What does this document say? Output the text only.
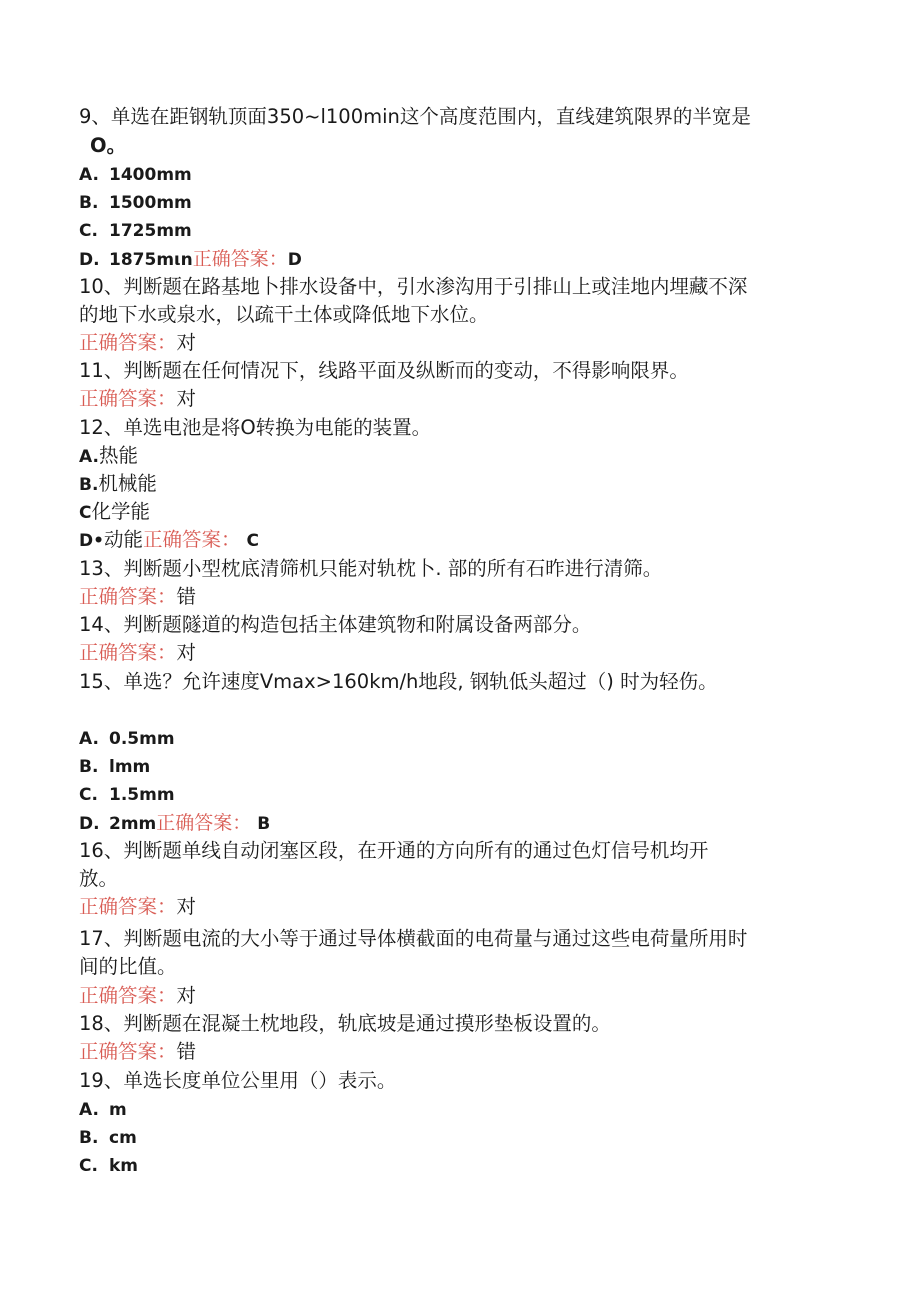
9、单选在距钢轨顶面350~l100min这个高度范围内，直线建筑限界的半宽是
O。
A. 1400mm
B. 1500mm
C. 1725mm
D. 1875mιn正确答案：D
10、判断题在路基地卜排水设备中，引水渗沟用于引排山上或洼地内埋藏不深
的地下水或泉水，以疏干土体或降低地下水位。
正确答案：对
11、判断题在任何情况下，线路平面及纵断而的变动，不得影响限界。
正确答案：对
12、单选电池是将O转换为电能的装置。
A.热能
B.机械能
C化学能
D•动能正确答案： C
13、判断题小型枕底清筛机只能对轨枕卜. 部的所有石昨进行清筛。
正确答案：错
14、判断题隧道的构造包括主体建筑物和附属设备两部分。
正确答案：对
15、单选？允许速度Vmax>160km/h地段, 钢轨低头超过（) 时为轻伤。
A. 0.5mm
B. lmm
C. 1.5mm
D. 2mm正确答案： B
16、判断题单线自动闭塞区段，在开通的方向所有的通过色灯信号机均开
放。
正确答案：对
17、判断题电流的大小等于通过导体横截面的电荷量与通过这些电荷量所用时
间的比值。
正确答案：对
18、判断题在混凝土枕地段，轨底坡是通过摸形垫板设置的。
正确答案：错
19、单选长度单位公里用（）表示。
A. m
B. cm
C. km
